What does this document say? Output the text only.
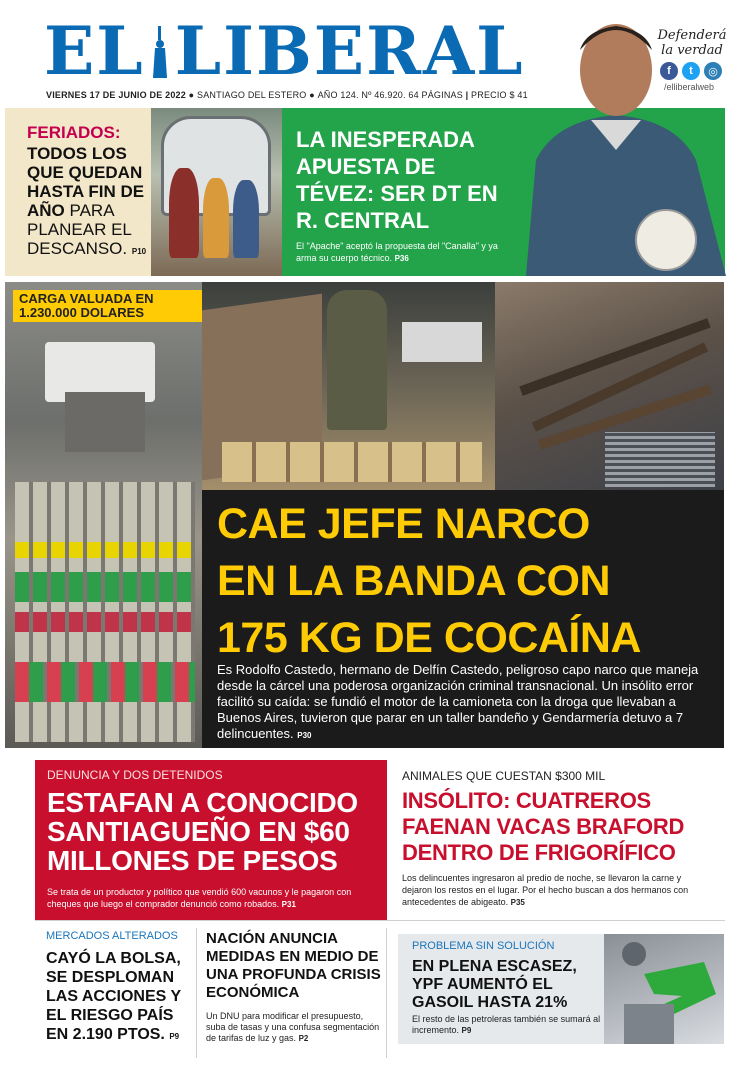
EL LIBERAL
VIERNES 17 DE JUNIO DE 2022 ● SANTIAGO DEL ESTERO ● AÑO 124. Nº 46.920. 64 PÁGINAS | PRECIO $ 41
Defenderá
la verdad
f	t	◎
/elliberalweb
FERIADOS:
TODOS LOS QUE QUEDAN HASTA FIN DE AÑO PARA PLANEAR EL DESCANSO. P10
LA INESPERADA APUESTA DE TÉVEZ: SER DT EN R. CENTRAL
El "Apache" aceptó la propuesta del "Canalla" y ya arma su cuerpo técnico. P36
CARGA VALUADA EN 1.230.000 DOLARES
CAE JEFE NARCO
EN LA BANDA CON
175 KG DE COCAÍNA
Es Rodolfo Castedo, hermano de Delfín Castedo, peligroso capo narco que maneja desde la cárcel una poderosa organización criminal transnacional. Un insólito error facilitó su caída: se fundió el motor de la camioneta con la droga que llevaban a Buenos Aires, tuvieron que parar en un taller bandeño y Gendarmería detuvo a 7 delincuentes. P30
DENUNCIA Y DOS DETENIDOS
ESTAFAN A CONOCIDO SANTIAGUEÑO EN $60 MILLONES DE PESOS
Se trata de un productor y político que vendió 600 vacunos y le pagaron con cheques que luego el comprador denunció como robados. P31
ANIMALES QUE CUESTAN $300 MIL
INSÓLITO: CUATREROS FAENAN VACAS BRAFORD DENTRO DE FRIGORÍFICO
Los delincuentes ingresaron al predio de noche, se llevaron la carne y dejaron los restos en el lugar. Por el hecho buscan a dos hermanos con antecedentes de abigeato. P35
MERCADOS ALTERADOS
CAYÓ LA BOLSA, SE DESPLOMAN LAS ACCIONES Y EL RIESGO PAÍS EN 2.190 PTOS. P9
NACIÓN ANUNCIA MEDIDAS EN MEDIO DE UNA PROFUNDA CRISIS ECONÓMICA
Un DNU para modificar el presupuesto, suba de tasas y una confusa segmentación de tarifas de luz y gas. P2
PROBLEMA SIN SOLUCIÓN
EN PLENA ESCASEZ, YPF AUMENTÓ EL GASOIL HASTA 21%
El resto de las petroleras también se sumará al incremento. P9
